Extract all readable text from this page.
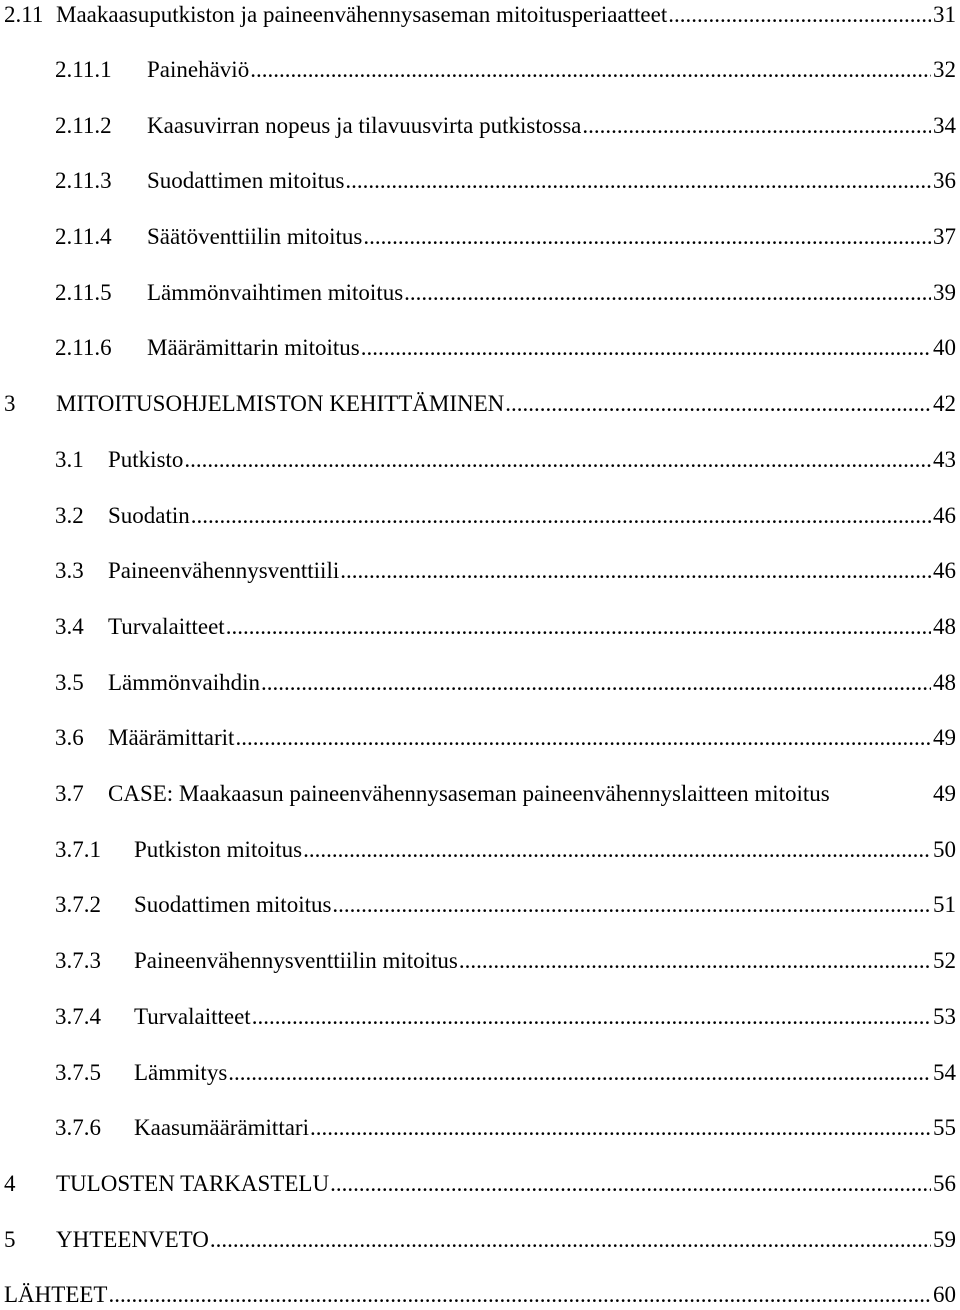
2.11 Maakaasuputkiston ja paineenvähennysaseman mitoitusperiaatteet .....	31
2.11.1	Painehäviö .....	32
2.11.2	Kaasuvirran nopeus ja tilavuusvirta putkistossa .....	34
2.11.3	Suodattimen mitoitus .....	36
2.11.4	Säätöventtiilin mitoitus .....	37
2.11.5	Lämmönvaihtimen mitoitus .....	39
2.11.6	Määrämittarin mitoitus .....	40
3	MITOITUSOHJELMISTON KEHITTÄMINEN .....	42
3.1	Putkisto .....	43
3.2	Suodatin .....	46
3.3	Paineenvähennysventtiili .....	46
3.4	Turvalaitteet .....	48
3.5	Lämmönvaihdin .....	48
3.6	Määrämittarit .....	49
3.7	CASE: Maakaasun paineenvähennysaseman paineenvähennyslaitteen mitoitus	49
3.7.1	Putkiston mitoitus .....	50
3.7.2	Suodattimen mitoitus .....	51
3.7.3	Paineenvähennysventtiilin mitoitus .....	52
3.7.4	Turvalaitteet .....	53
3.7.5	Lämmitys .....	54
3.7.6	Kaasumäärämittari .....	55
4	TULOSTEN TARKASTELU .....	56
5	YHTEENVETO .....	59
LÄHTEET .....	60
